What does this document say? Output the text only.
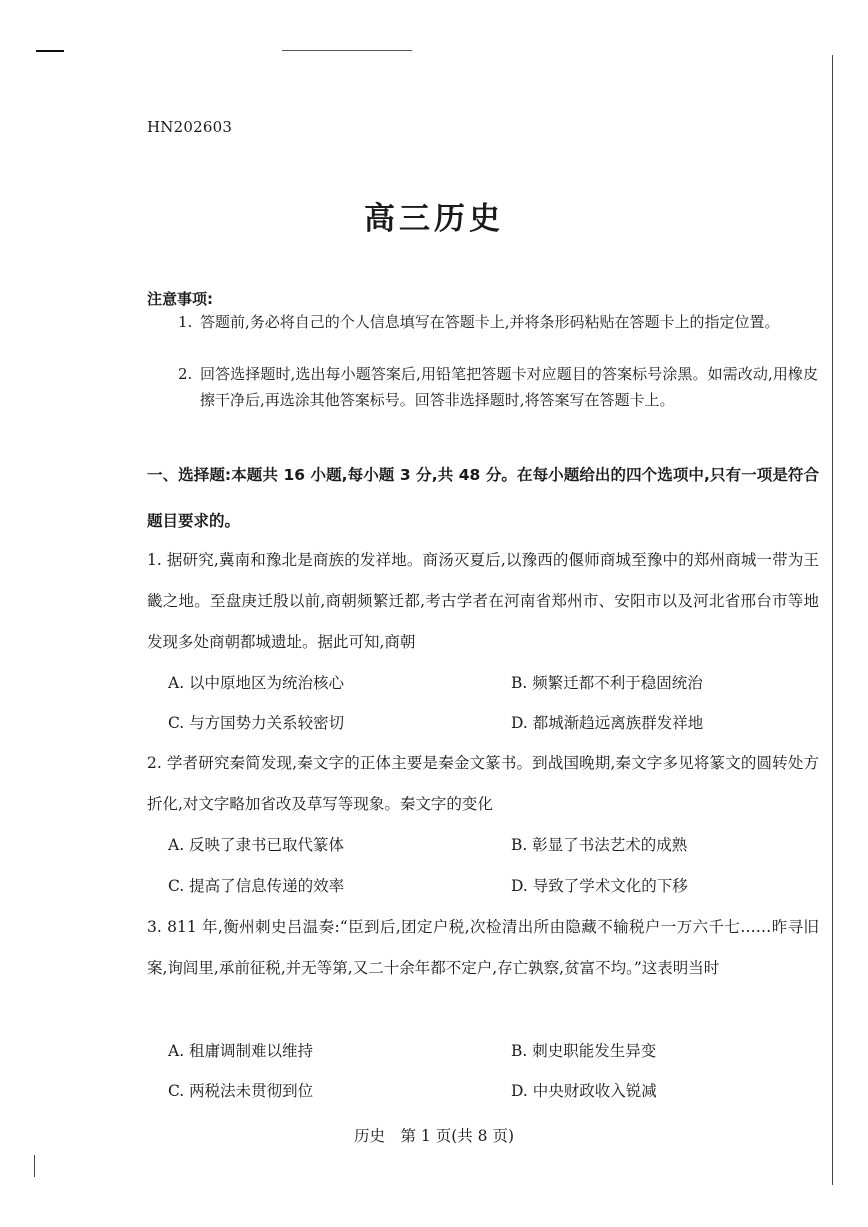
HN202603
高三历史
注意事项:
1. 答题前,务必将自己的个人信息填写在答题卡上,并将条形码粘贴在答题卡上的指定位置。
2. 回答选择题时,选出每小题答案后,用铅笔把答题卡对应题目的答案标号涂黑。如需改动,用橡皮擦干净后,再选涂其他答案标号。回答非选择题时,将答案写在答题卡上。
一、选择题:本题共 16 小题,每小题 3 分,共 48 分。在每小题给出的四个选项中,只有一项是符合题目要求的。
1. 据研究,冀南和豫北是商族的发祥地。商汤灭夏后,以豫西的偃师商城至豫中的郑州商城一带为王畿之地。至盘庚迁殷以前,商朝频繁迁都,考古学者在河南省郑州市、安阳市以及河北省邢台市等地发现多处商朝都城遗址。据此可知,商朝
A. 以中原地区为统治核心	B. 频繁迁都不利于稳固统治
C. 与方国势力关系较密切	D. 都城渐趋远离族群发祥地
2. 学者研究秦简发现,秦文字的正体主要是秦金文篆书。到战国晚期,秦文字多见将篆文的圆转处方折化,对文字略加省改及草写等现象。秦文字的变化
A. 反映了隶书已取代篆体	B. 彰显了书法艺术的成熟
C. 提高了信息传递的效率	D. 导致了学术文化的下移
3. 811 年,衡州刺史吕温奏:“臣到后,团定户税,次检清出所由隐藏不输税户一万六千七……昨寻旧案,询闾里,承前征税,并无等第,又二十余年都不定户,存亡孰察,贫富不均。”这表明当时
A. 租庸调制难以维持	B. 刺史职能发生异变
C. 两税法未贯彻到位	D. 中央财政收入锐减
历史　第 1 页(共 8 页)
